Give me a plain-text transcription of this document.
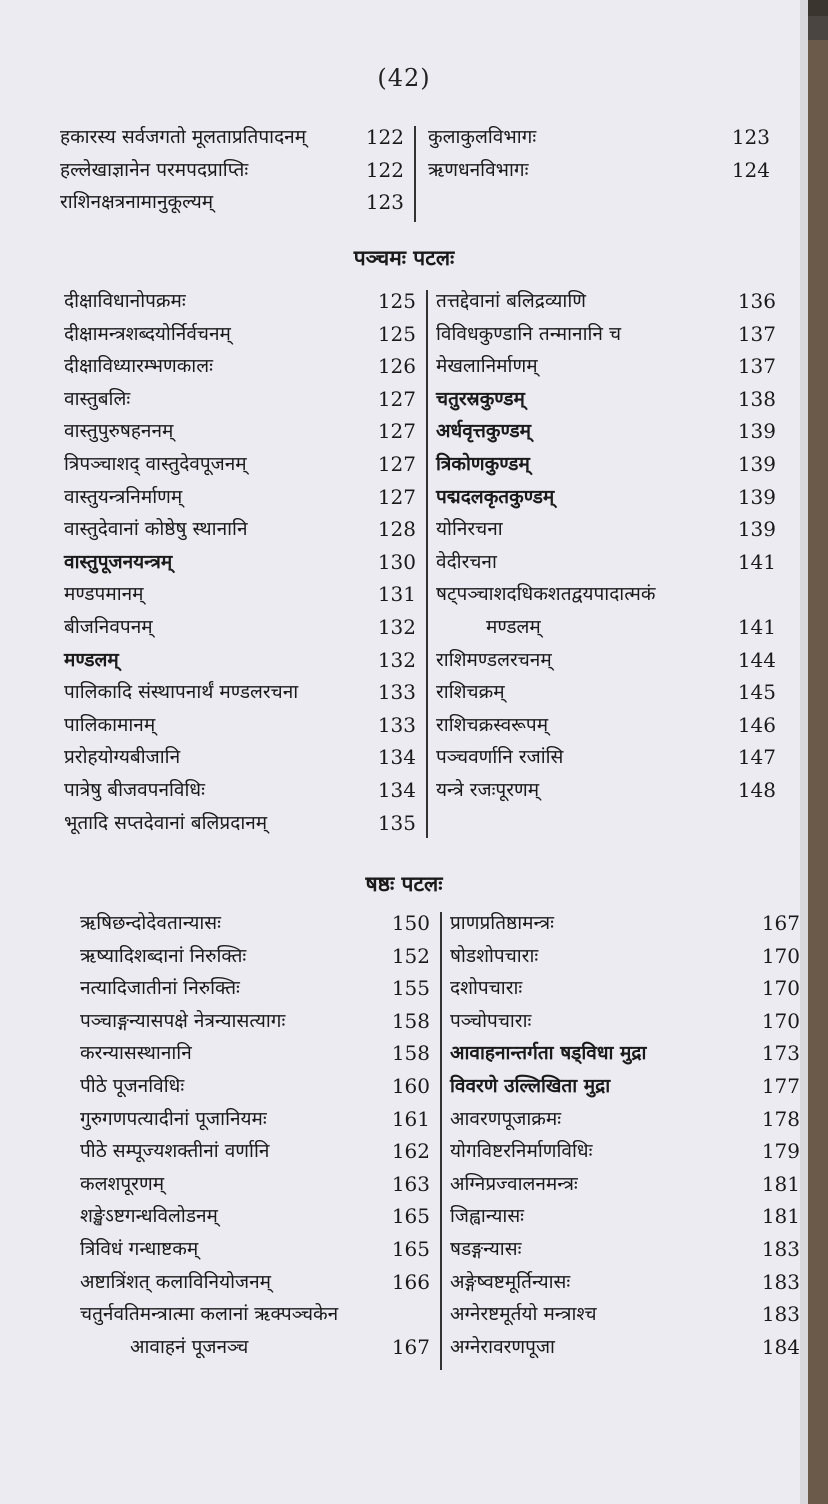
(42)
हकारस्य सर्वजगतो मूलताप्रतिपादनम्	122
हल्लेखाज्ञानेन परमपदप्राप्तिः	122
राशिनक्षत्रनामानुकूल्यम्	123
कुलाकुलविभागः	123
ऋणधनविभागः	124
पञ्चमः पटलः
दीक्षाविधानोपक्रमः	125
दीक्षामन्त्रशब्दयोर्निर्वचनम्	125
दीक्षाविध्यारम्भणकालः	126
वास्तुबलिः	127
वास्तुपुरुषहननम्	127
त्रिपञ्चाशद् वास्तुदेवपूजनम्	127
वास्तुयन्त्रनिर्माणम्	127
वास्तुदेवानां कोष्ठेषु स्थानानि	128
वास्तुपूजनयन्त्रम्	130
मण्डपमानम्	131
बीजनिवपनम्	132
मण्डलम्	132
पालिकादि संस्थापनार्थं मण्डलरचना	133
पालिकामानम्	133
प्ररोहयोग्यबीजानि	134
पात्रेषु बीजवपनविधिः	134
भूतादि सप्तदेवानां बलिप्रदानम्	135
तत्तद्देवानां बलिद्रव्याणि	136
विविधकुण्डानि तन्मानानि च	137
मेखलानिर्माणम्	137
चतुरस्रकुण्डम्	138
अर्धवृत्तकुण्डम्	139
त्रिकोणकुण्डम्	139
पद्मदलकृतकुण्डम्	139
योनिरचना	139
वेदीरचना	141
षट्पञ्चाशदधिकशतद्वयपादात्मकं
मण्डलम्	141
राशिमण्डलरचनम्	144
राशिचक्रम्	145
राशिचक्रस्वरूपम्	146
पञ्चवर्णानि रजांसि	147
यन्त्रे रजःपूरणम्	148
षष्ठः पटलः
ऋषिछन्दोदेवतान्यासः	150
ऋष्यादिशब्दानां निरुक्तिः	152
नत्यादिजातीनां निरुक्तिः	155
पञ्चाङ्गन्यासपक्षे नेत्रन्यासत्यागः	158
करन्यासस्थानानि	158
पीठे पूजनविधिः	160
गुरुगणपत्यादीनां पूजानियमः	161
पीठे सम्पूज्यशक्तीनां वर्णानि	162
कलशपूरणम्	163
शङ्खेऽष्टगन्धविलोडनम्	165
त्रिविधं गन्धाष्टकम्	165
अष्टात्रिंशत् कलाविनियोजनम्	166
चतुर्नवतिमन्त्रात्मा कलानां ऋक्पञ्चकेन
आवाहनं पूजनञ्च	167
प्राणप्रतिष्ठामन्त्रः	167
षोडशोपचाराः	170
दशोपचाराः	170
पञ्चोपचाराः	170
आवाहनान्तर्गता षड्विधा मुद्रा	173
विवरणे उल्लिखिता मुद्रा	177
आवरणपूजाक्रमः	178
योगविष्टरनिर्माणविधिः	179
अग्निप्रज्वालनमन्त्रः	181
जिह्वान्यासः	181
षडङ्गन्यासः	183
अङ्गेष्वष्टमूर्तिन्यासः	183
अग्नेरष्टमूर्तयो मन्त्राश्च	183
अग्नेरावरणपूजा	184
